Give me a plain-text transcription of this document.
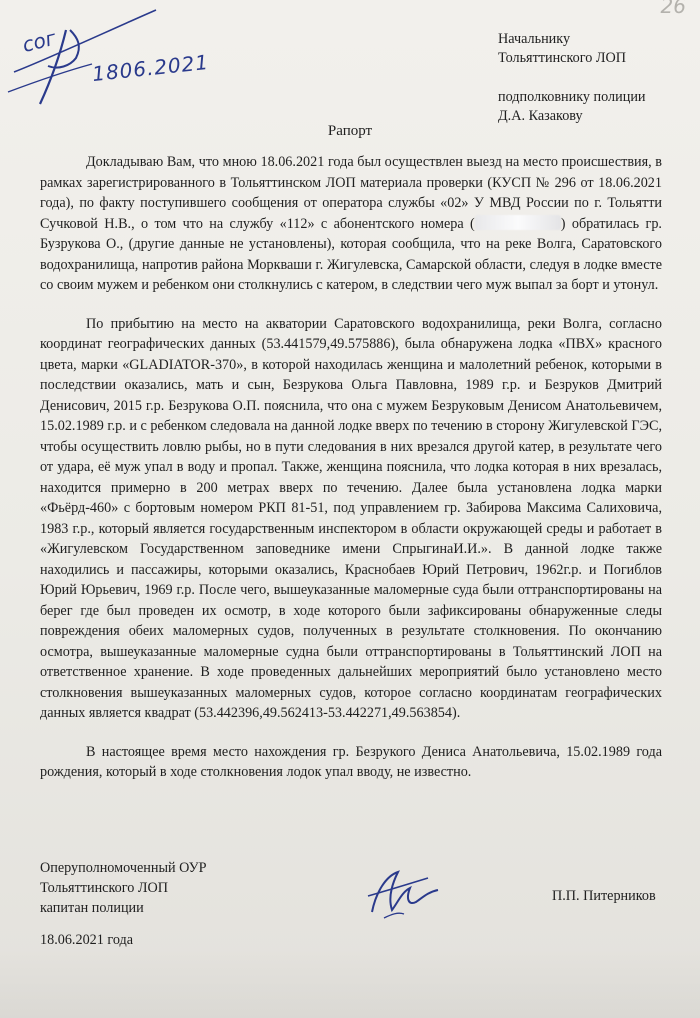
26
сог
1806.2021
Начальнику
Тольяттинского ЛОП
подполковнику полиции
Д.А. Казакову
Рапорт

Докладываю Вам, что мною 18.06.2021 года был осуществлен выезд на место происшествия, в рамках зарегистрированного в Тольяттинском ЛОП материала проверки (КУСП № 296 от 18.06.2021 года), по факту поступившего сообщения от оператора службы «02» У МВД России по г. Тольятти Сучковой Н.В., о том что на службу «112» с абонентского номера (	) обратилась гр. Бузрукова О., (другие данные не установлены), которая сообщила, что на реке Волга, Саратовского водохранилища, напротив района Моркваши г. Жигулевска, Самарской области, следуя в лодке вместе со своим мужем и ребенком они столкнулись с катером, в следствии чего муж выпал за борт и утонул.

По прибытию на место на акватории Саратовского водохранилища, реки Волга, согласно координат географических данных (53.441579,49.575886), была обнаружена лодка «ПВХ» красного цвета, марки «GLADIATOR-370», в которой находилась женщина и малолетний ребенок, которыми в последствии оказались, мать и сын, Безрукова Ольга Павловна, 1989 г.р. и Безруков Дмитрий Денисович, 2015 г.р. Безрукова О.П. пояснила, что она с мужем Безруковым Денисом Анатольевичем, 15.02.1989 г.р. и с ребенком следовала на данной лодке вверх по течению в сторону Жигулевской ГЭС, чтобы осуществить ловлю рыбы, но в пути следования в них врезался другой катер, в результате чего от удара, её муж упал в воду и пропал. Также, женщина пояснила, что лодка которая в них врезалась, находится примерно в 200 метрах вверх по течению. Далее была установлена лодка марки «Фьёрд-460» с бортовым номером РКП 81-51, под управлением гр. Забирова Максима Салиховича, 1983 г.р., который является государственным инспектором в области окружающей среды и работает в «Жигулевском Государственном заповеднике имени СпрыгинаИ.И.». В данной лодке также находились и пассажиры, которыми оказались, Краснобаев Юрий Петрович, 1962г.р. и Погиблов Юрий Юрьевич, 1969 г.р. После чего, вышеуказанные маломерные суда были оттранспортированы на берег где был проведен их осмотр, в ходе которого были зафиксированы обнаруженные следы повреждения обеих маломерных судов, полученных в результате столкновения. По окончанию осмотра, вышеуказанные маломерные судна были оттранспортированы в Тольяттинский ЛОП на ответственное хранение. В ходе проведенных дальнейших мероприятий было установлено место столкновения вышеуказанных маломерных судов, которое согласно координатам географических данных является квадрат (53.442396,49.562413-53.442271,49.563854).

В настоящее время место нахождения гр. Безрукого Дениса Анатольевича, 15.02.1989 года рождения, который в ходе столкновения лодок упал вводу, не известно.

Оперуполномоченный ОУР
Тольяттинского ЛОП
капитан полиции
П.П. Питерников
18.06.2021 года
